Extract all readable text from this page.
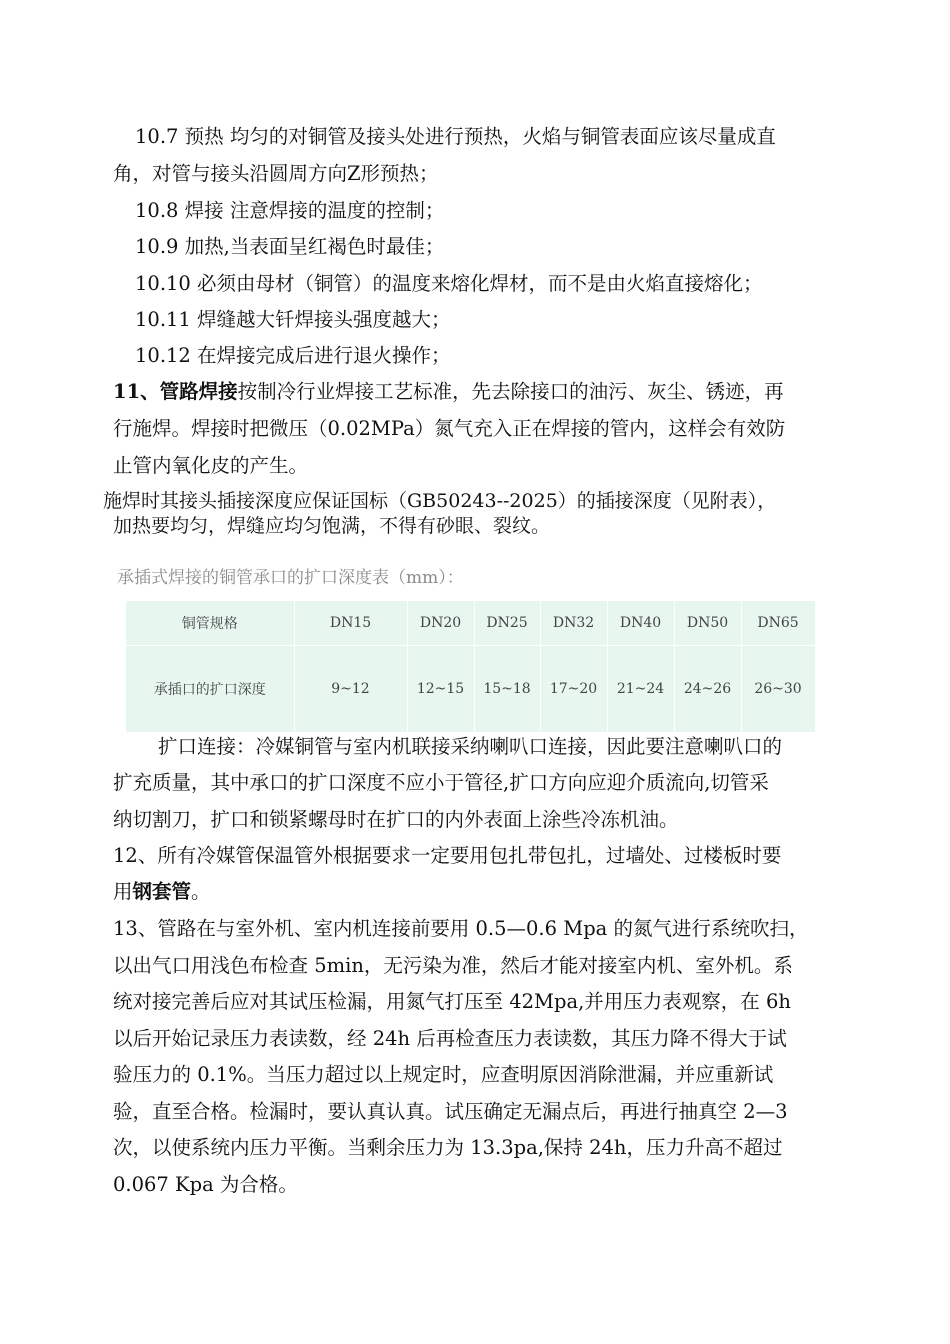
10.7 预热 均匀的对铜管及接头处进行预热，火焰与铜管表面应该尽量成直
角，对管与接头沿圆周方向Z形预热；
10.8 焊接 注意焊接的温度的控制；
10.9 加热,当表面呈红褐色时最佳；
10.10 必须由母材（铜管）的温度来熔化焊材，而不是由火焰直接熔化；
10.11 焊缝越大钎焊接头强度越大；
10.12 在焊接完成后进行退火操作；
11、管路焊接按制冷行业焊接工艺标准，先去除接口的油污、灰尘、锈迹，再
行施焊。焊接时把微压（0.02MPa）氮气充入正在焊接的管内，这样会有效防
止管内氧化皮的产生。
施焊时其接头插接深度应保证国标（GB50243--2025）的插接深度（见附表），
加热要均匀，焊缝应均匀饱满，不得有砂眼、裂纹。
承插式焊接的铜管承口的扩口深度表（mm）：
铜管规格	DN15	DN20	DN25	DN32	DN40	DN50	DN65
承插口的扩口深度	9~12	12~15	15~18	17~20	21~24	24~26	26~30
扩口连接：冷媒铜管与室内机联接采纳喇叭口连接，因此要注意喇叭口的
扩充质量，其中承口的扩口深度不应小于管径,扩口方向应迎介质流向,切管采
纳切割刀，扩口和锁紧螺母时在扩口的内外表面上涂些冷冻机油。
12、所有冷媒管保温管外根据要求一定要用包扎带包扎，过墙处、过楼板时要
用钢套管。
13、管路在与室外机、室内机连接前要用 0.5—0.6 Mpa 的氮气进行系统吹扫，
以出气口用浅色布检查 5min，无污染为准，然后才能对接室内机、室外机。系
统对接完善后应对其试压检漏，用氮气打压至 42Mpa,并用压力表观察，在 6h
以后开始记录压力表读数，经 24h 后再检查压力表读数，其压力降不得大于试
验压力的 0.1%。当压力超过以上规定时，应查明原因消除泄漏，并应重新试
验，直至合格。检漏时，要认真认真。试压确定无漏点后，再进行抽真空 2—3
次，以使系统内压力平衡。当剩余压力为 13.3pa,保持 24h，压力升高不超过
0.067 Kpa 为合格。
